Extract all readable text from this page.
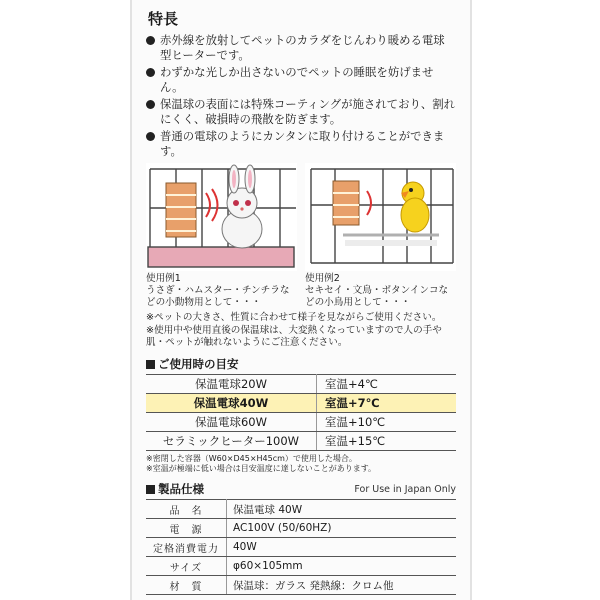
特長
赤外線を放射してペットのカラダをじんわり暖める電球型ヒーターです。
わずかな光しか出さないのでペットの睡眠を妨げません。
保温球の表面には特殊コーティングが施されており、割れにくく、破損時の飛散を防ぎます。
普通の電球のようにカンタンに取り付けることができます。
使用例1
うさぎ・ハムスター・チンチラなどの小動物用として・・・
使用例2
セキセイ・文鳥・ボタンインコなどの小鳥用として・・・

※ペットの大きさ、性質に合わせて様子を見ながらご使用ください。

※使用中や使用直後の保温球は、大変熱くなっていますので人の手や肌・ペットが触れないようにご注意ください。

ご使用時の目安
保温電球20W	室温+4℃
保温電球40W	室温+7℃
保温電球60W	室温+10℃
セラミックヒーター100W	室温+15℃

※密閉した容器（W60×D45×H45cm）で使用した場合。

※室温が極端に低い場合は目安温度に達しないことがあります。

製品仕様	For Use in Japan Only
品　名	保温電球 40W
電　源	AC100V (50/60HZ)
定格消費電力	40W
サイズ	φ60×105mm
材　質	保温球：ガラス 発熱線：クロム他
